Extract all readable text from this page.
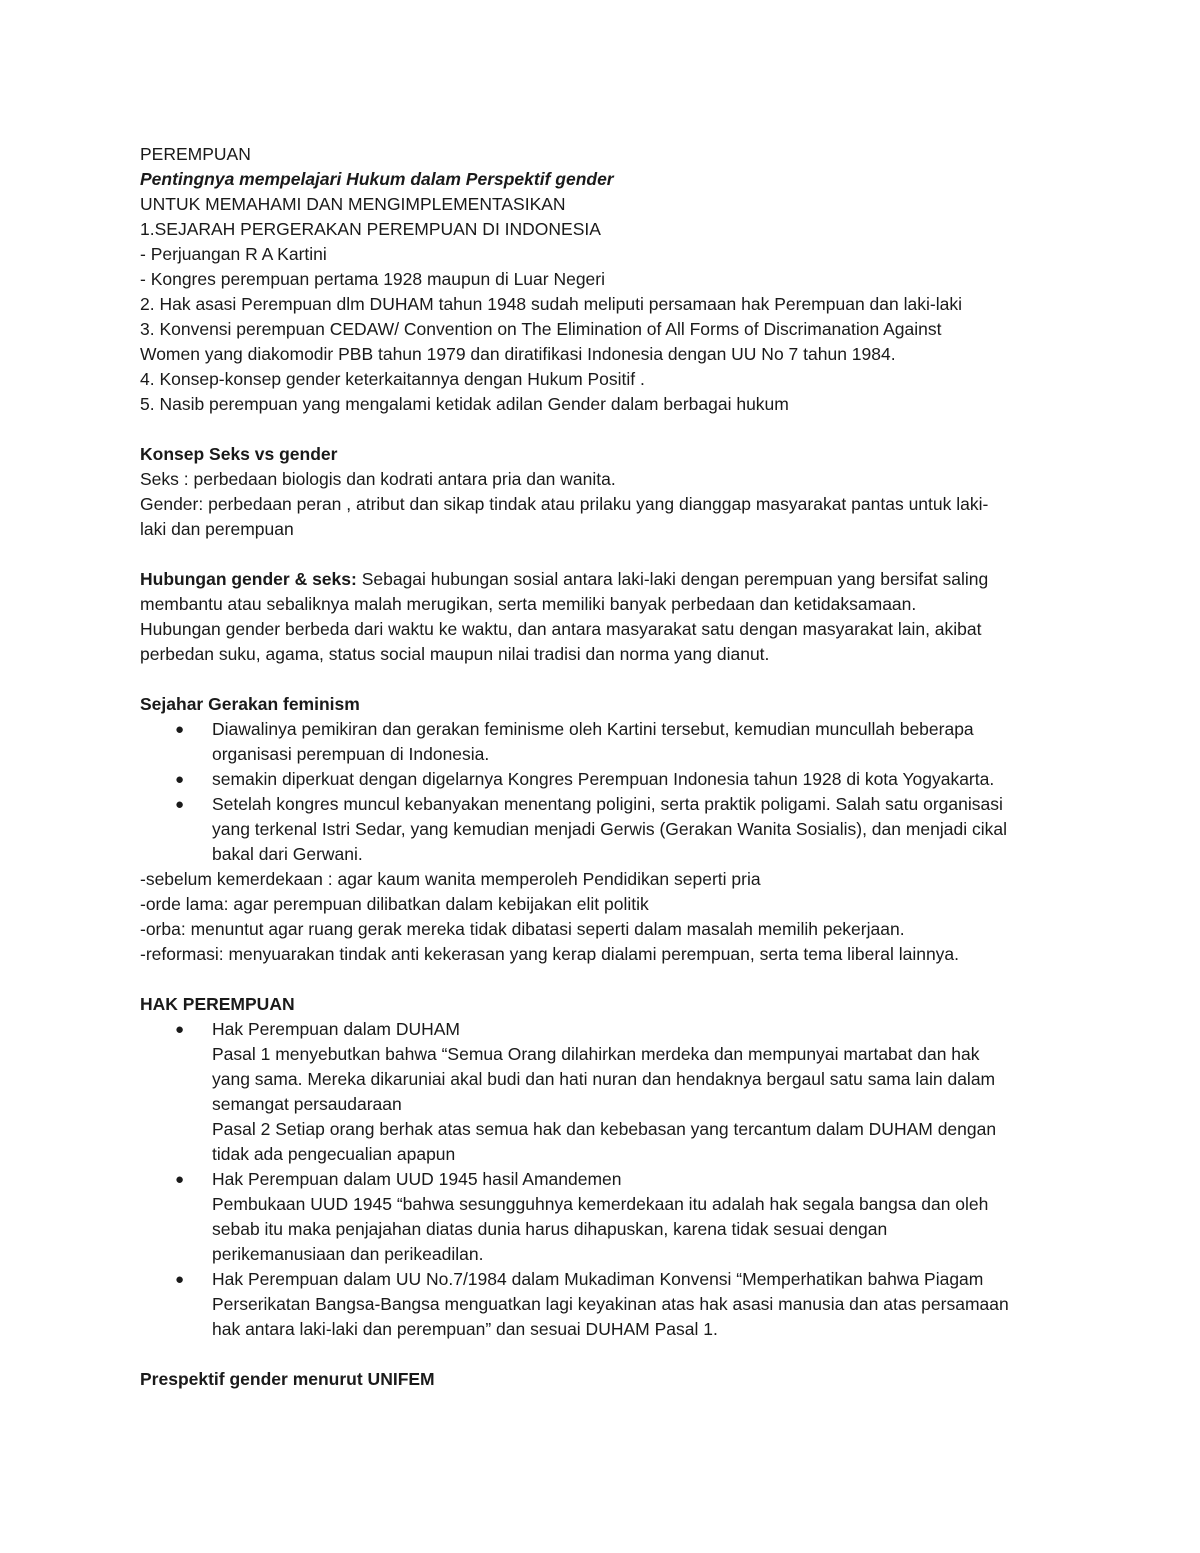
PEREMPUAN
Pentingnya mempelajari Hukum dalam Perspektif gender
UNTUK MEMAHAMI DAN MENGIMPLEMENTASIKAN
1.SEJARAH PERGERAKAN PEREMPUAN DI INDONESIA
- Perjuangan R A Kartini
- Kongres perempuan pertama 1928 maupun di Luar Negeri
2. Hak asasi Perempuan dlm DUHAM tahun 1948 sudah meliputi persamaan hak Perempuan dan laki-laki
3. Konvensi perempuan CEDAW/ Convention on The Elimination of All Forms of Discrimanation Against
Women yang diakomodir PBB tahun 1979 dan diratifikasi Indonesia dengan UU No 7 tahun 1984.
4. Konsep-konsep gender keterkaitannya dengan Hukum Positif .
5. Nasib perempuan yang mengalami ketidak adilan Gender dalam berbagai hukum
Konsep Seks vs gender
Seks : perbedaan biologis dan kodrati antara pria dan wanita.
Gender: perbedaan peran , atribut dan sikap tindak atau prilaku yang dianggap masyarakat pantas untuk laki-
laki dan perempuan
Hubungan gender & seks: Sebagai hubungan sosial antara laki-laki dengan perempuan yang bersifat saling
membantu atau sebaliknya malah merugikan, serta memiliki banyak perbedaan dan ketidaksamaan.
Hubungan gender berbeda dari waktu ke waktu, dan antara masyarakat satu dengan masyarakat lain, akibat
perbedan suku, agama, status social maupun nilai tradisi dan norma yang dianut.
Sejahar Gerakan feminism
● Diawalinya pemikiran dan gerakan feminisme oleh Kartini tersebut, kemudian muncullah beberapa
organisasi perempuan di Indonesia.
● semakin diperkuat dengan digelarnya Kongres Perempuan Indonesia tahun 1928 di kota Yogyakarta.
● Setelah kongres muncul kebanyakan menentang poligini, serta praktik poligami. Salah satu organisasi
yang terkenal Istri Sedar, yang kemudian menjadi Gerwis (Gerakan Wanita Sosialis), dan menjadi cikal
bakal dari Gerwani.
-sebelum kemerdekaan : agar kaum wanita memperoleh Pendidikan seperti pria
-orde lama: agar perempuan dilibatkan dalam kebijakan elit politik
-orba: menuntut agar ruang gerak mereka tidak dibatasi seperti dalam masalah memilih pekerjaan.
-reformasi: menyuarakan tindak anti kekerasan yang kerap dialami perempuan, serta tema liberal lainnya.
HAK PEREMPUAN
● Hak Perempuan dalam DUHAM
Pasal 1 menyebutkan bahwa “Semua Orang dilahirkan merdeka dan mempunyai martabat dan hak
yang sama. Mereka dikaruniai akal budi dan hati nuran dan hendaknya bergaul satu sama lain dalam
semangat persaudaraan
Pasal 2 Setiap orang berhak atas semua hak dan kebebasan yang tercantum dalam DUHAM dengan
tidak ada pengecualian apapun
● Hak Perempuan dalam UUD 1945 hasil Amandemen
Pembukaan UUD 1945 “bahwa sesungguhnya kemerdekaan itu adalah hak segala bangsa dan oleh
sebab itu maka penjajahan diatas dunia harus dihapuskan, karena tidak sesuai dengan
perikemanusiaan dan perikeadilan.
● Hak Perempuan dalam UU No.7/1984 dalam Mukadiman Konvensi “Memperhatikan bahwa Piagam
Perserikatan Bangsa-Bangsa menguatkan lagi keyakinan atas hak asasi manusia dan atas persamaan
hak antara laki-laki dan perempuan” dan sesuai DUHAM Pasal 1.
Prespektif gender menurut UNIFEM
